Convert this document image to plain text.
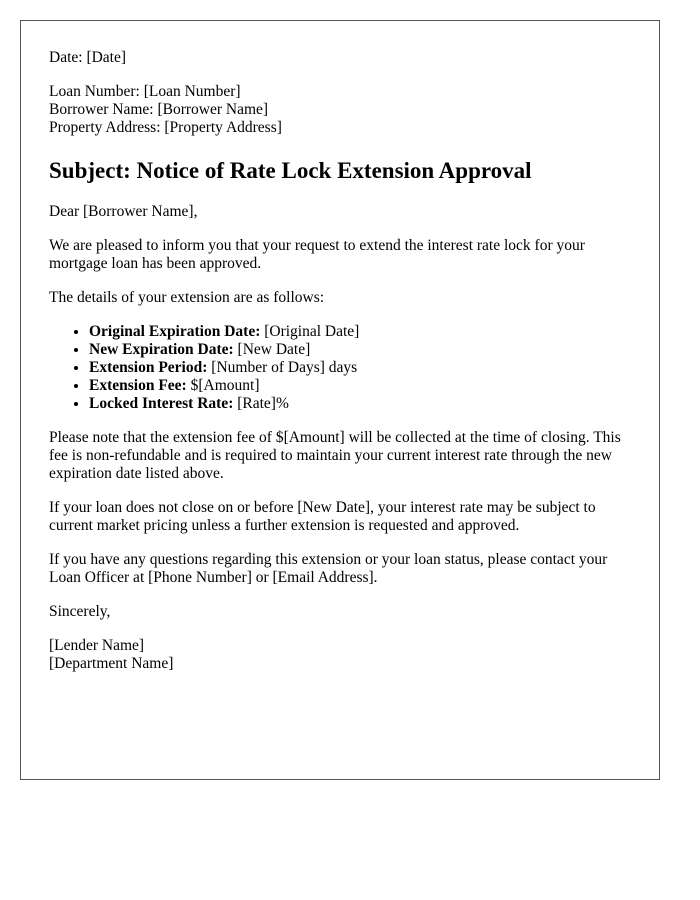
Date: [Date]

Loan Number: [Loan Number]
Borrower Name: [Borrower Name]
Property Address: [Property Address]
Subject: Notice of Rate Lock Extension Approval

Dear [Borrower Name],

We are pleased to inform you that your request to extend the interest rate lock for your mortgage loan has been approved.

The details of your extension are as follows:

• Original Expiration Date: [Original Date]
• New Expiration Date: [New Date]
• Extension Period: [Number of Days] days
• Extension Fee: $[Amount]
• Locked Interest Rate: [Rate]%

Please note that the extension fee of $[Amount] will be collected at the time of closing. This fee is non-refundable and is required to maintain your current interest rate through the new expiration date listed above.

If your loan does not close on or before [New Date], your interest rate may be subject to current market pricing unless a further extension is requested and approved.

If you have any questions regarding this extension or your loan status, please contact your Loan Officer at [Phone Number] or [Email Address].

Sincerely,

[Lender Name]
[Department Name]
